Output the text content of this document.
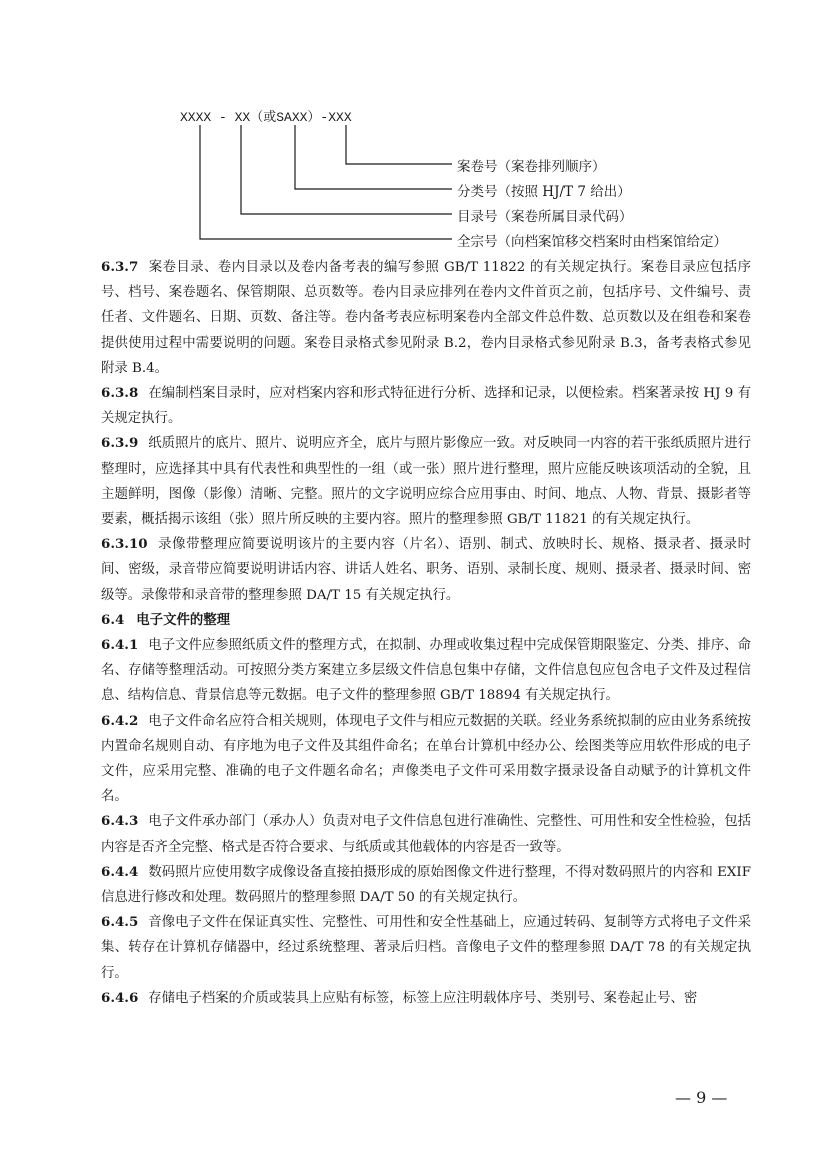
XXXX - XX（或SAXX）-XXX
案卷号（案卷排列顺序）
分类号（按照 HJ/T 7 给出）
目录号（案卷所属目录代码）
全宗号（向档案馆移交档案时由档案馆给定）

6.3.7 案卷目录、卷内目录以及卷内备考表的编写参照 GB/T 11822 的有关规定执行。案卷目录应包括序号、档号、案卷题名、保管期限、总页数等。卷内目录应排列在卷内文件首页之前，包括序号、文件编号、责任者、文件题名、日期、页数、备注等。卷内备考表应标明案卷内全部文件总件数、总页数以及在组卷和案卷提供使用过程中需要说明的问题。案卷目录格式参见附录 B.2，卷内目录格式参见附录 B.3，备考表格式参见附录 B.4。

6.3.8 在编制档案目录时，应对档案内容和形式特征进行分析、选择和记录，以便检索。档案著录按 HJ 9 有关规定执行。

6.3.9 纸质照片的底片、照片、说明应齐全，底片与照片影像应一致。对反映同一内容的若干张纸质照片进行整理时，应选择其中具有代表性和典型性的一组（或一张）照片进行整理，照片应能反映该项活动的全貌，且主题鲜明，图像（影像）清晰、完整。照片的文字说明应综合应用事由、时间、地点、人物、背景、摄影者等要素，概括揭示该组（张）照片所反映的主要内容。照片的整理参照 GB/T 11821 的有关规定执行。

6.3.10 录像带整理应简要说明该片的主要内容（片名）、语别、制式、放映时长、规格、摄录者、摄录时间、密级，录音带应简要说明讲话内容、讲话人姓名、职务、语别、录制长度、规则、摄录者、摄录时间、密级等。录像带和录音带的整理参照 DA/T 15 有关规定执行。

6.4 电子文件的整理

6.4.1 电子文件应参照纸质文件的整理方式，在拟制、办理或收集过程中完成保管期限鉴定、分类、排序、命名、存储等整理活动。可按照分类方案建立多层级文件信息包集中存储，文件信息包应包含电子文件及过程信息、结构信息、背景信息等元数据。电子文件的整理参照 GB/T 18894 有关规定执行。

6.4.2 电子文件命名应符合相关规则，体现电子文件与相应元数据的关联。经业务系统拟制的应由业务系统按内置命名规则自动、有序地为电子文件及其组件命名；在单台计算机中经办公、绘图类等应用软件形成的电子文件，应采用完整、准确的电子文件题名命名；声像类电子文件可采用数字摄录设备自动赋予的计算机文件名。

6.4.3 电子文件承办部门（承办人）负责对电子文件信息包进行准确性、完整性、可用性和安全性检验，包括内容是否齐全完整、格式是否符合要求、与纸质或其他载体的内容是否一致等。

6.4.4 数码照片应使用数字成像设备直接拍摄形成的原始图像文件进行整理，不得对数码照片的内容和 EXIF 信息进行修改和处理。数码照片的整理参照 DA/T 50 的有关规定执行。

6.4.5 音像电子文件在保证真实性、完整性、可用性和安全性基础上，应通过转码、复制等方式将电子文件采集、转存在计算机存储器中，经过系统整理、著录后归档。音像电子文件的整理参照 DA/T 78 的有关规定执行。

6.4.6 存储电子档案的介质或装具上应贴有标签，标签上应注明载体序号、类别号、案卷起止号、密

— 9 —
